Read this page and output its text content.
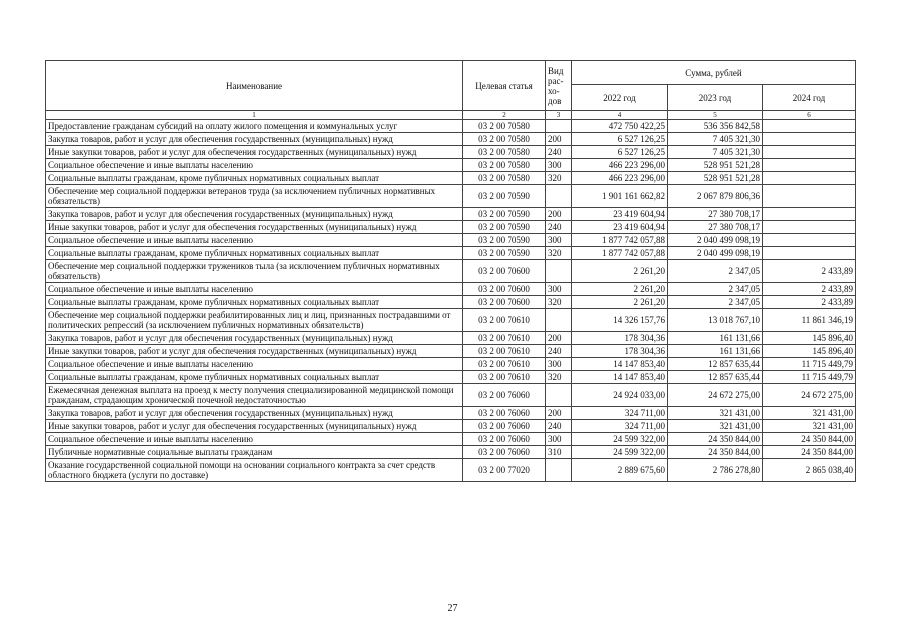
Наименование	Целевая статья	Вид рас-хо-дов	Сумма, рублей		
			2022 год	2023 год	2024 год
1	2	3	4	5	6
Предоставление гражданам субсидий на оплату жилого помещения и коммунальных услуг	03 2 00 70580		472 750 422,25	536 356 842,58	
Закупка товаров, работ и услуг для обеспечения государственных (муниципальных) нужд	03 2 00 70580	200	6 527 126,25	7 405 321,30	
Иные закупки товаров, работ и услуг для обеспечения государственных (муниципальных) нужд	03 2 00 70580	240	6 527 126,25	7 405 321,30	
Социальное обеспечение и иные выплаты населению	03 2 00 70580	300	466 223 296,00	528 951 521,28	
Социальные выплаты гражданам, кроме публичных нормативных социальных выплат	03 2 00 70580	320	466 223 296,00	528 951 521,28	
Обеспечение мер социальной поддержки ветеранов труда (за исключением публичных нормативных обязательств)	03 2 00 70590		1 901 161 662,82	2 067 879 806,36	
Закупка товаров, работ и услуг для обеспечения государственных (муниципальных) нужд	03 2 00 70590	200	23 419 604,94	27 380 708,17	
Иные закупки товаров, работ и услуг для обеспечения государственных (муниципальных) нужд	03 2 00 70590	240	23 419 604,94	27 380 708,17	
Социальное обеспечение и иные выплаты населению	03 2 00 70590	300	1 877 742 057,88	2 040 499 098,19	
Социальные выплаты гражданам, кроме публичных нормативных социальных выплат	03 2 00 70590	320	1 877 742 057,88	2 040 499 098,19	
Обеспечение мер социальной поддержки тружеников тыла (за исключением публичных нормативных обязательств)	03 2 00 70600		2 261,20	2 347,05	2 433,89
Социальное обеспечение и иные выплаты населению	03 2 00 70600	300	2 261,20	2 347,05	2 433,89
Социальные выплаты гражданам, кроме публичных нормативных социальных выплат	03 2 00 70600	320	2 261,20	2 347,05	2 433,89
Обеспечение мер социальной поддержки реабилитированных лиц и лиц, признанных пострадавшими от политических репрессий (за исключением публичных нормативных обязательств)	03 2 00 70610		14 326 157,76	13 018 767,10	11 861 346,19
Закупка товаров, работ и услуг для обеспечения государственных (муниципальных) нужд	03 2 00 70610	200	178 304,36	161 131,66	145 896,40
Иные закупки товаров, работ и услуг для обеспечения государственных (муниципальных) нужд	03 2 00 70610	240	178 304,36	161 131,66	145 896,40
Социальное обеспечение и иные выплаты населению	03 2 00 70610	300	14 147 853,40	12 857 635,44	11 715 449,79
Социальные выплаты гражданам, кроме публичных нормативных социальных выплат	03 2 00 70610	320	14 147 853,40	12 857 635,44	11 715 449,79
Ежемесячная денежная выплата на проезд к месту получения специализированной медицинской помощи гражданам, страдающим хронической почечной недостаточностью	03 2 00 76060		24 924 033,00	24 672 275,00	24 672 275,00
Закупка товаров, работ и услуг для обеспечения государственных (муниципальных) нужд	03 2 00 76060	200	324 711,00	321 431,00	321 431,00
Иные закупки товаров, работ и услуг для обеспечения государственных (муниципальных) нужд	03 2 00 76060	240	324 711,00	321 431,00	321 431,00
Социальное обеспечение и иные выплаты населению	03 2 00 76060	300	24 599 322,00	24 350 844,00	24 350 844,00
Публичные нормативные социальные выплаты гражданам	03 2 00 76060	310	24 599 322,00	24 350 844,00	24 350 844,00
Оказание государственной социальной помощи на основании социального контракта за счет средств областного бюджета (услуги по доставке)	03 2 00 77020		2 889 675,60	2 786 278,80	2 865 038,40
27
